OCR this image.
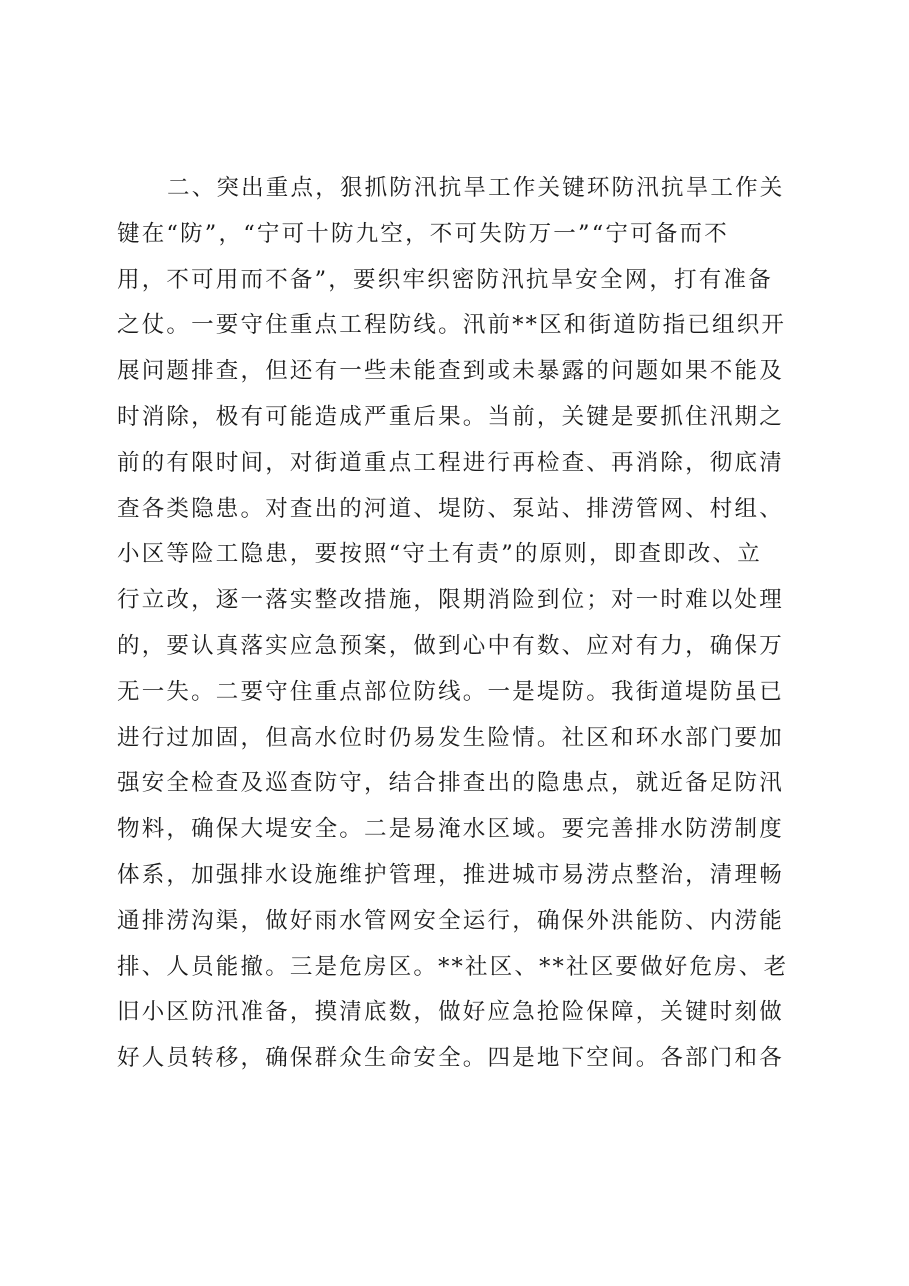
二、突出重点，狠抓防汛抗旱工作关键环防汛抗旱工作关
键在“防”，“宁可十防九空，不可失防万一”“宁可备而不
用，不可用而不备”，要织牢织密防汛抗旱安全网，打有准备
之仗。一要守住重点工程防线。汛前**区和街道防指已组织开
展问题排查，但还有一些未能查到或未暴露的问题如果不能及
时消除，极有可能造成严重后果。当前，关键是要抓住汛期之
前的有限时间，对街道重点工程进行再检查、再消除，彻底清
查各类隐患。对查出的河道、堤防、泵站、排涝管网、村组、
小区等险工隐患，要按照“守土有责”的原则，即查即改、立
行立改，逐一落实整改措施，限期消险到位；对一时难以处理
的，要认真落实应急预案，做到心中有数、应对有力，确保万
无一失。二要守住重点部位防线。一是堤防。我街道堤防虽已
进行过加固，但高水位时仍易发生险情。社区和环水部门要加
强安全检查及巡查防守，结合排查出的隐患点，就近备足防汛
物料，确保大堤安全。二是易淹水区域。要完善排水防涝制度
体系，加强排水设施维护管理，推进城市易涝点整治，清理畅
通排涝沟渠，做好雨水管网安全运行，确保外洪能防、内涝能
排、人员能撤。三是危房区。**社区、**社区要做好危房、老
旧小区防汛准备，摸清底数，做好应急抢险保障，关键时刻做
好人员转移，确保群众生命安全。四是地下空间。各部门和各
